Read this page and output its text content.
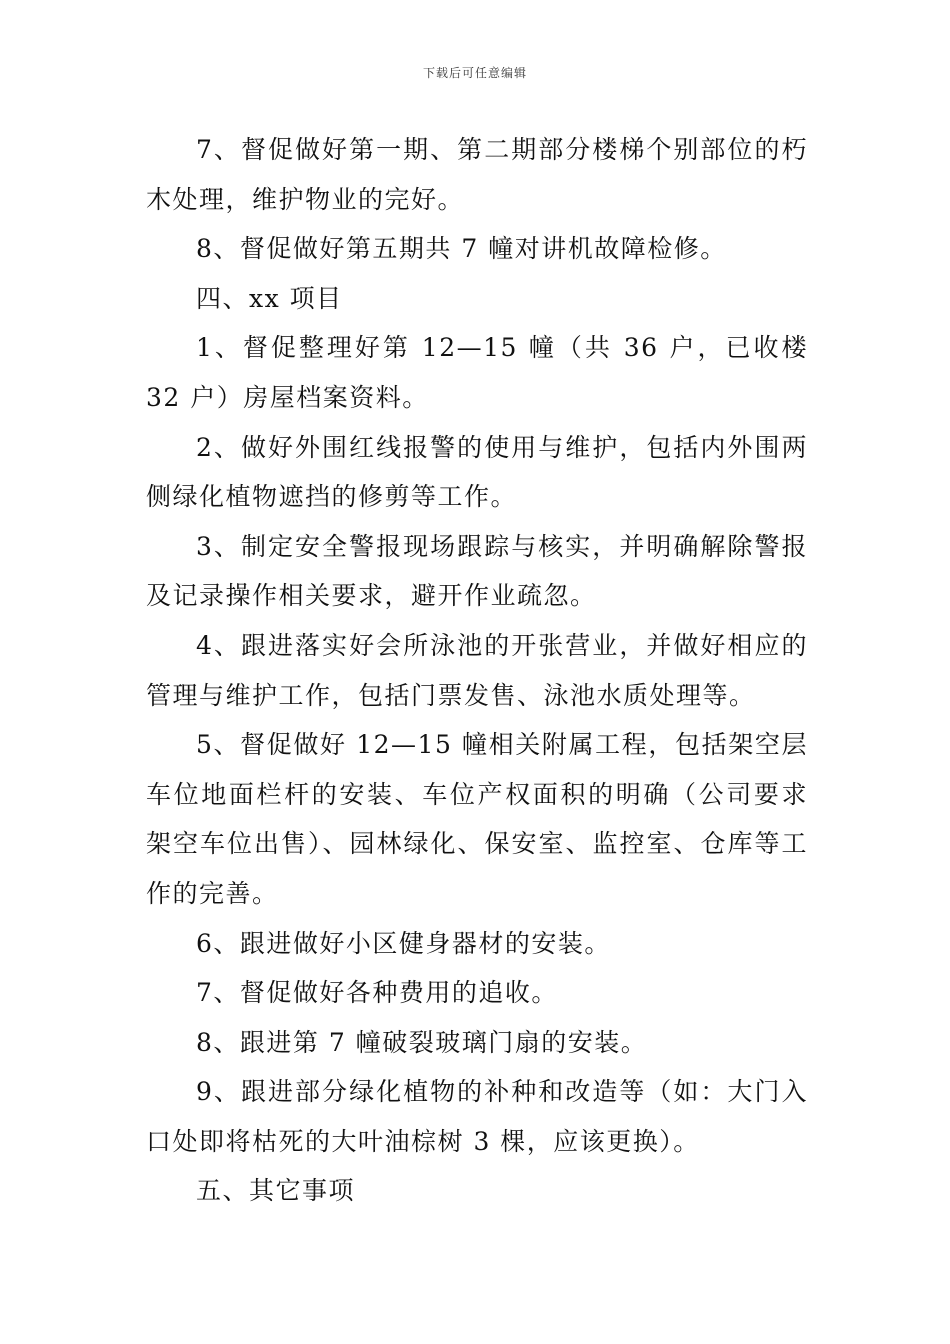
下载后可任意编辑

7、督促做好第一期、第二期部分楼梯个别部位的朽木处理，维护物业的完好。

8、督促做好第五期共 7 幢对讲机故障检修。

四、xx 项目

1、督促整理好第 12—15 幢（共 36 户，已收楼 32 户）房屋档案资料。

2、做好外围红线报警的使用与维护，包括内外围两侧绿化植物遮挡的修剪等工作。

3、制定安全警报现场跟踪与核实，并明确解除警报及记录操作相关要求，避开作业疏忽。

4、跟进落实好会所泳池的开张营业，并做好相应的管理与维护工作，包括门票发售、泳池水质处理等。

5、督促做好 12—15 幢相关附属工程，包括架空层车位地面栏杆的安装、车位产权面积的明确（公司要求架空车位出售）、园林绿化、保安室、监控室、仓库等工作的完善。

6、跟进做好小区健身器材的安装。

7、督促做好各种费用的追收。

8、跟进第 7 幢破裂玻璃门扇的安装。

9、跟进部分绿化植物的补种和改造等（如：大门入口处即将枯死的大叶油棕树 3 棵，应该更换）。

五、其它事项
